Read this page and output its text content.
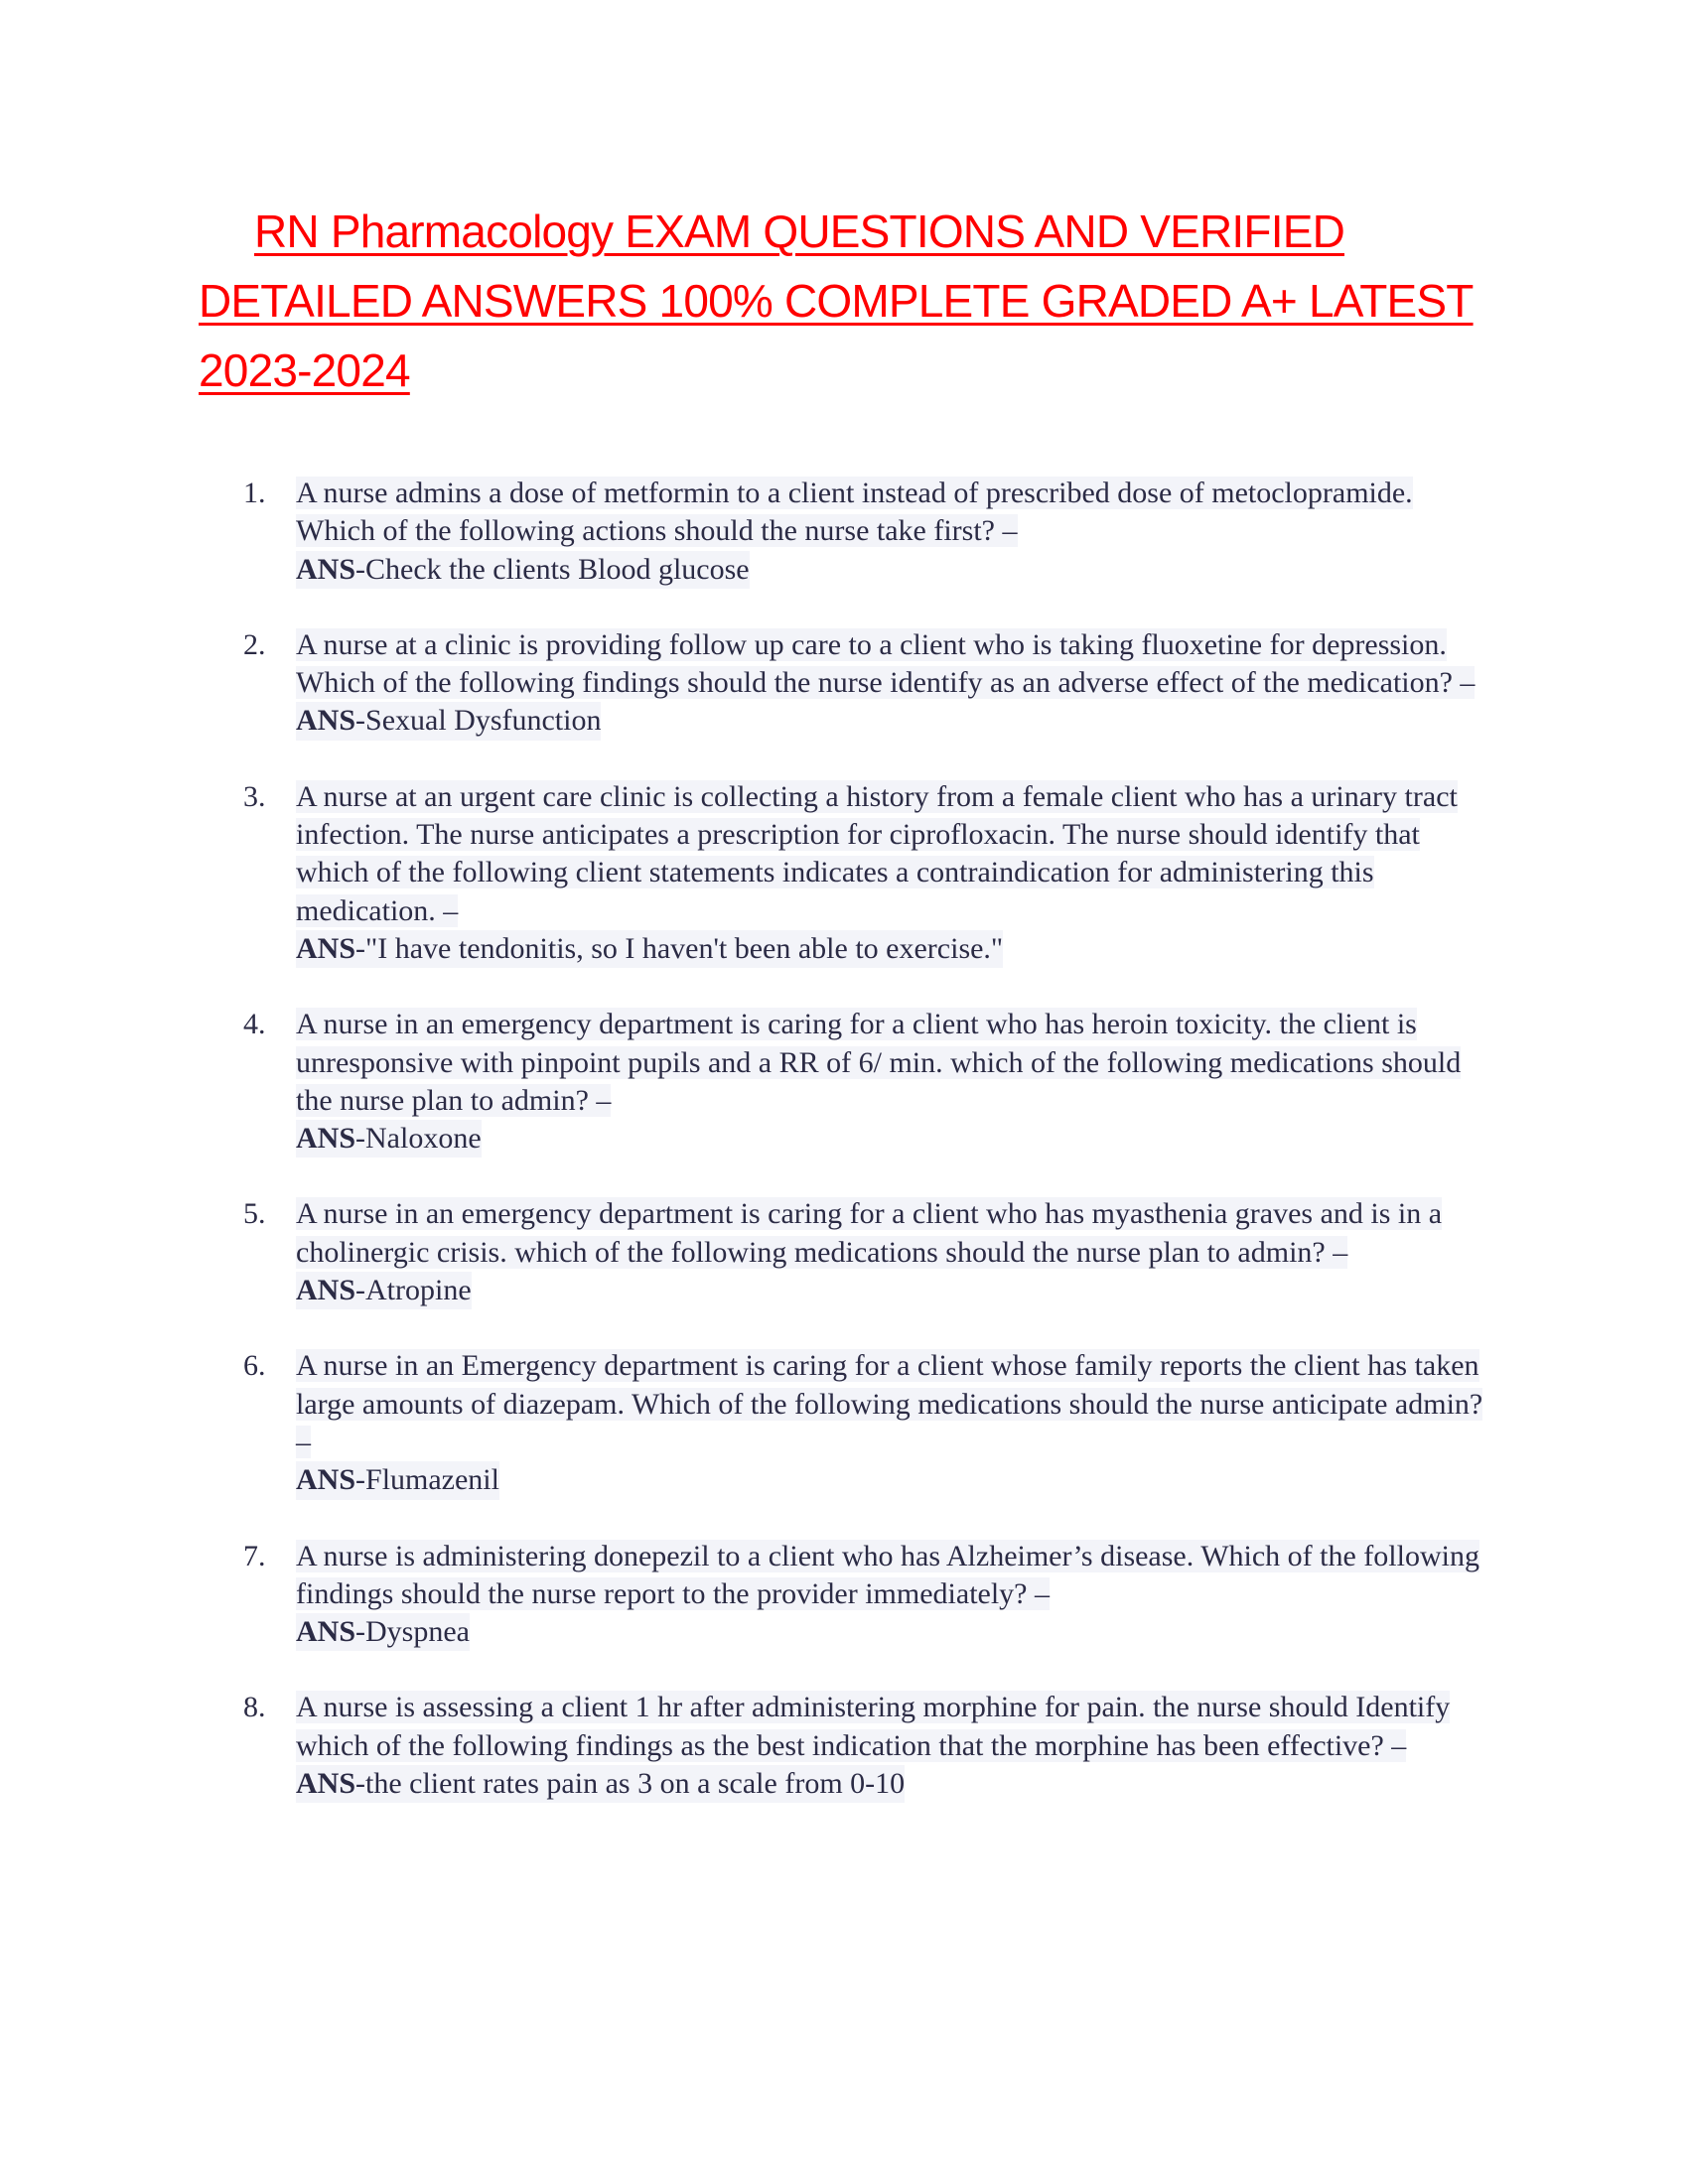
RN Pharmacology EXAM QUESTIONS AND VERIFIED
DETAILED ANSWERS 100% COMPLETE GRADED A+ LATEST
2023-2024
1. A nurse admins a dose of metformin to a client instead of prescribed dose of metoclopramide. Which of the following actions should the nurse take first? –
ANS-Check the clients Blood glucose
2. A nurse at a clinic is providing follow up care to a client who is taking fluoxetine for depression. Which of the following findings should the nurse identify as an adverse effect of the medication? –
ANS-Sexual Dysfunction
3. A nurse at an urgent care clinic is collecting a history from a female client who has a urinary tract infection. The nurse anticipates a prescription for ciprofloxacin. The nurse should identify that which of the following client statements indicates a contraindication for administering this medication. –
ANS-"I have tendonitis, so I haven't been able to exercise."
4. A nurse in an emergency department is caring for a client who has heroin toxicity. the client is unresponsive with pinpoint pupils and a RR of 6/ min. which of the following medications should the nurse plan to admin? –
ANS-Naloxone
5. A nurse in an emergency department is caring for a client who has myasthenia graves and is in a cholinergic crisis. which of the following medications should the nurse plan to admin? –
ANS-Atropine
6. A nurse in an Emergency department is caring for a client whose family reports the client has taken large amounts of diazepam. Which of the following medications should the nurse anticipate admin? –
ANS-Flumazenil
7. A nurse is administering donepezil to a client who has Alzheimer’s disease. Which of the following findings should the nurse report to the provider immediately? –
ANS-Dyspnea
8. A nurse is assessing a client 1 hr after administering morphine for pain. the nurse should Identify which of the following findings as the best indication that the morphine has been effective? –
ANS-the client rates pain as 3 on a scale from 0-10
